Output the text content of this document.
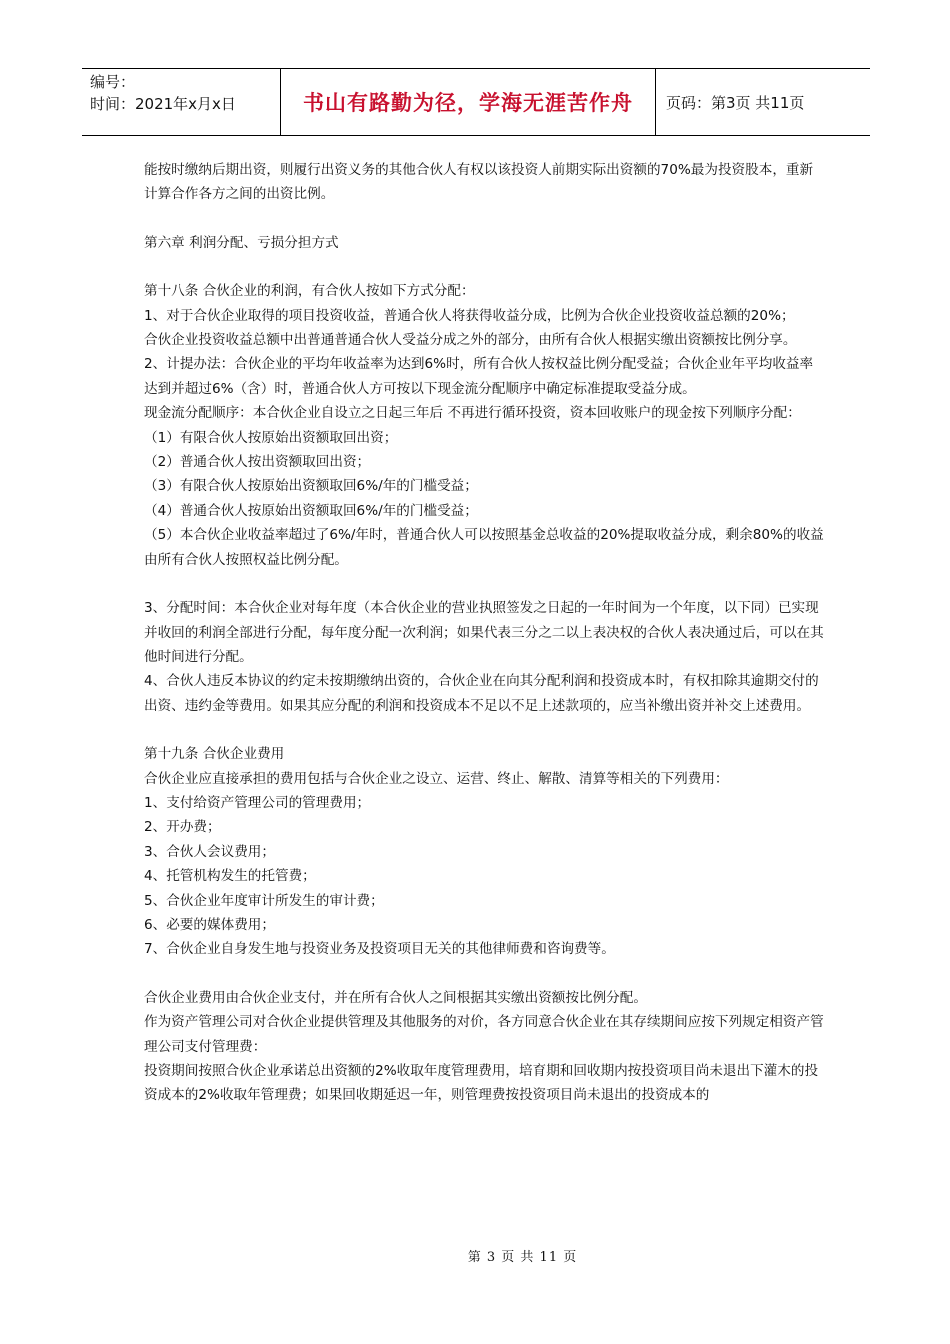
编号：
时间：2021年x月x日	书山有路勤为径，学海无涯苦作舟	页码：第3页 共11页

能按时缴纳后期出资，则履行出资义务的其他合伙人有权以该投资人前期实际出资额的70%最为投资股本，重新计算合作各方之间的出资比例。

第六章 利润分配、亏损分担方式

第十八条 合伙企业的利润，有合伙人按如下方式分配：

1、对于合伙企业取得的项目投资收益，普通合伙人将获得收益分成，比例为合伙企业投资收益总额的20%；

合伙企业投资收益总额中出普通普通合伙人受益分成之外的部分，由所有合伙人根据实缴出资额按比例分享。

2、计提办法：合伙企业的平均年收益率为达到6%时，所有合伙人按权益比例分配受益；合伙企业年平均收益率达到并超过6%（含）时，普通合伙人方可按以下现金流分配顺序中确定标准提取受益分成。

现金流分配顺序：本合伙企业自设立之日起三年后 不再进行循环投资，资本回收账户的现金按下列顺序分配：

（1）有限合伙人按原始出资额取回出资；

（2）普通合伙人按出资额取回出资；

（3）有限合伙人按原始出资额取回6%/年的门槛受益；

（4）普通合伙人按原始出资额取回6%/年的门槛受益；

（5）本合伙企业收益率超过了6%/年时，普通合伙人可以按照基金总收益的20%提取收益分成，剩余80%的收益由所有合伙人按照权益比例分配。

3、分配时间：本合伙企业对每年度（本合伙企业的营业执照签发之日起的一年时间为一个年度，以下同）已实现并收回的利润全部进行分配，每年度分配一次利润；如果代表三分之二以上表决权的合伙人表决通过后，可以在其他时间进行分配。

4、合伙人违反本协议的约定未按期缴纳出资的，合伙企业在向其分配利润和投资成本时，有权扣除其逾期交付的出资、违约金等费用。如果其应分配的利润和投资成本不足以不足上述款项的，应当补缴出资并补交上述费用。

第十九条 合伙企业费用

合伙企业应直接承担的费用包括与合伙企业之设立、运营、终止、解散、清算等相关的下列费用：

1、支付给资产管理公司的管理费用；

2、开办费；

3、合伙人会议费用；

4、托管机构发生的托管费；

5、合伙企业年度审计所发生的审计费；

6、必要的媒体费用；

7、合伙企业自身发生地与投资业务及投资项目无关的其他律师费和咨询费等。

合伙企业费用由合伙企业支付，并在所有合伙人之间根据其实缴出资额按比例分配。

作为资产管理公司对合伙企业提供管理及其他服务的对价，各方同意合伙企业在其存续期间应按下列规定相资产管理公司支付管理费：

投资期间按照合伙企业承诺总出资额的2%收取年度管理费用，培育期和回收期内按投资项目尚未退出下灌木的投资成本的2%收取年管理费；如果回收期延迟一年，则管理费按投资项目尚未退出的投资成本的

第 3 页 共 11 页
